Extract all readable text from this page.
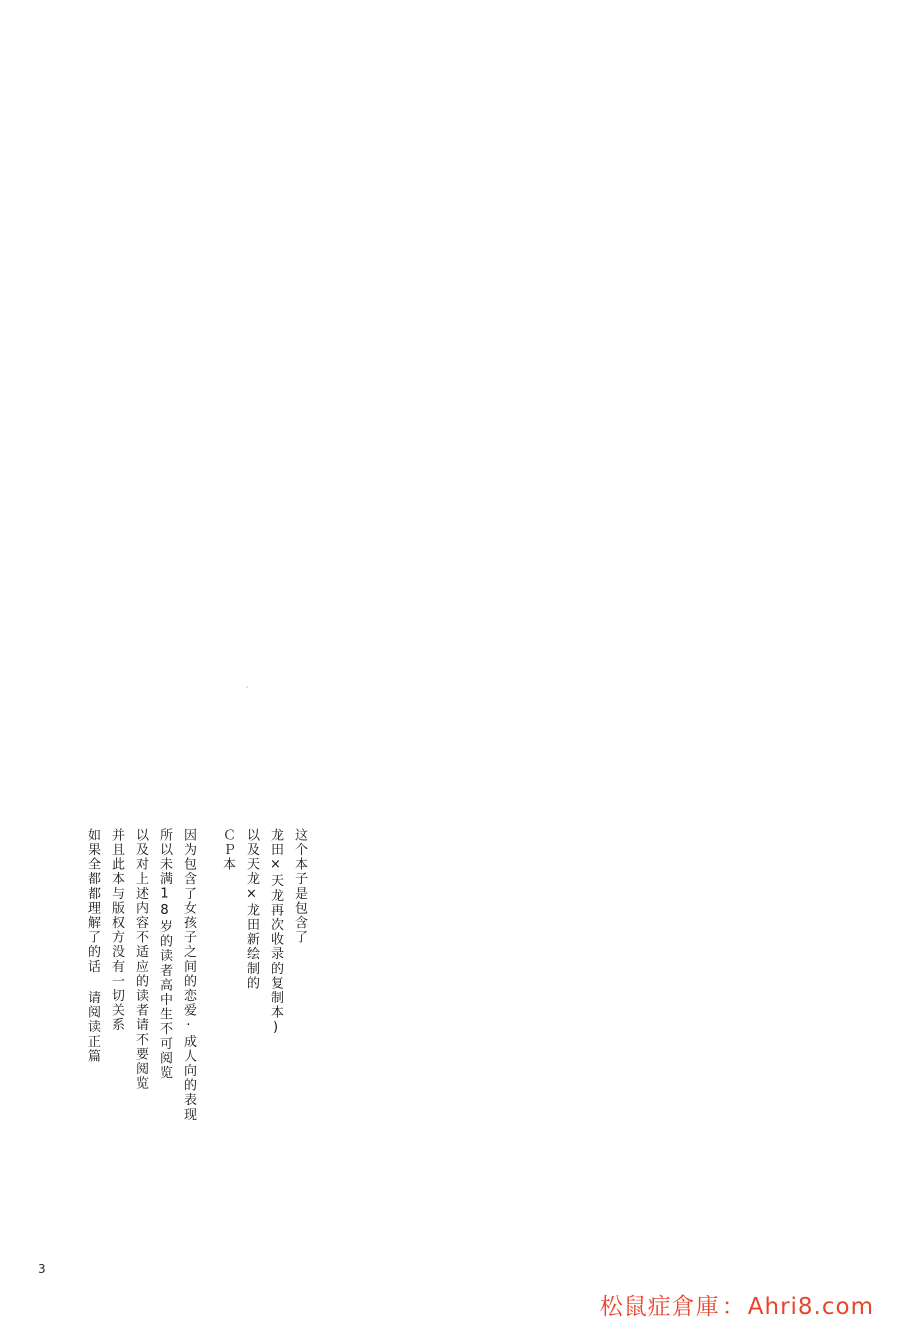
这个本子是包含了
龙田×天龙再次收录的复制本)
以及天龙×龙田新绘制的
ＣＰ本
因为包含了女孩子之间的恋爱·成人向的表现
所以未满18岁的读者高中生不可阅览
以及对上述内容不适应的读者请不要阅览
并且此本与版权方没有一切关系
如果全都都理解了的话 请阅读正篇
3
松鼠症倉庫：Ahri8.com
